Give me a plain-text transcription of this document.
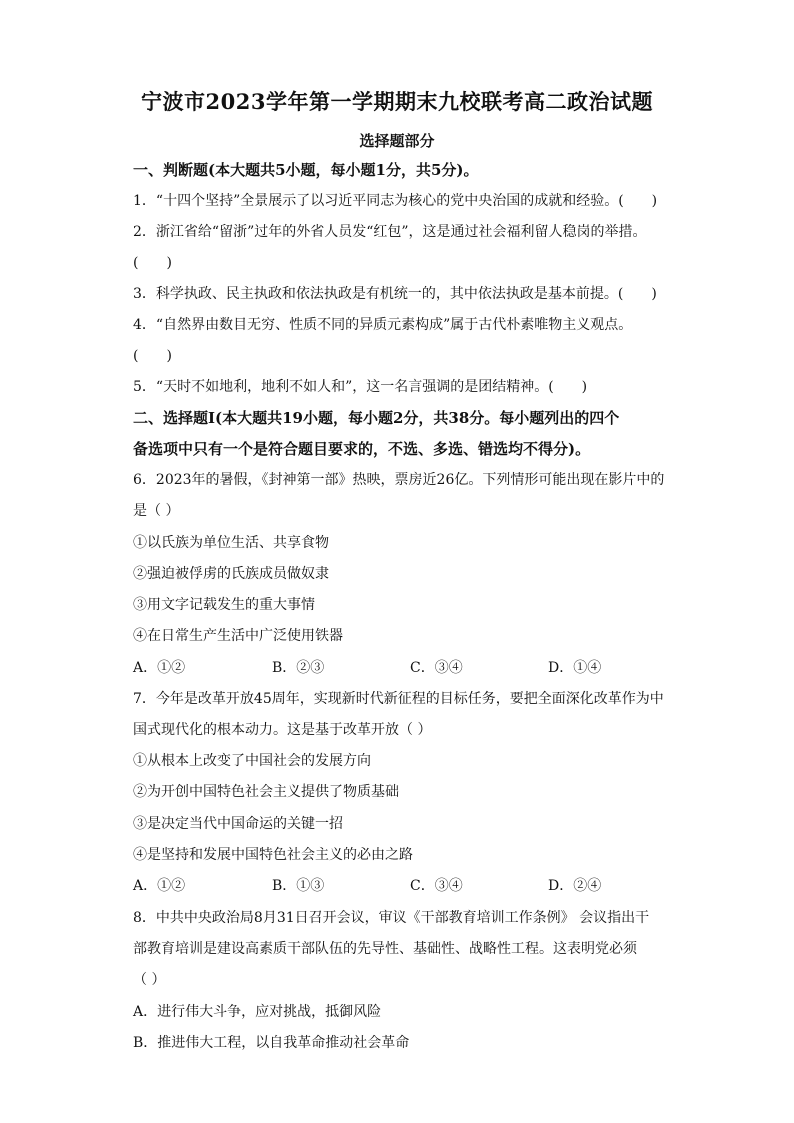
宁波市2023学年第一学期期末九校联考高二政治试题
选择题部分
一、判断题(本大题共5小题，每小题1分，共5分)。
1．“十四个坚持”全景展示了以习近平同志为核心的党中央治国的成就和经验。(　　)
2．浙江省给“留浙”过年的外省人员发“红包”，这是通过社会福利留人稳岗的举措。
(　　)
3．科学执政、民主执政和依法执政是有机统一的，其中依法执政是基本前提。(　　)
4．“自然界由数目无穷、性质不同的异质元素构成”属于古代朴素唯物主义观点。
(　　)
5．“天时不如地利，地利不如人和”，这一名言强调的是团结精神。(　　)
二、选择题Ⅰ(本大题共19小题，每小题2分，共38分。每小题列出的四个
备选项中只有一个是符合题目要求的，不选、多选、错选均不得分)。
6．2023年的暑假，《封神第一部》热映，票房近26亿。下列情形可能出现在影片中的
是（ ）
①以氏族为单位生活、共享食物
②强迫被俘虏的氏族成员做奴隶
③用文字记载发生的重大事情
④在日常生产生活中广泛使用铁器
A．①②	B．②③	C．③④	D．①④
7．今年是改革开放45周年，实现新时代新征程的目标任务，要把全面深化改革作为中
国式现代化的根本动力。这是基于改革开放（ ）
①从根本上改变了中国社会的发展方向
②为开创中国特色社会主义提供了物质基础
③是决定当代中国命运的关键一招
④是坚持和发展中国特色社会主义的必由之路
A．①②	B．①③	C．③④	D．②④
8．中共中央政治局8月31日召开会议，审议《干部教育培训工作条例》 会议指出干
部教育培训是建设高素质干部队伍的先导性、基础性、战略性工程。这表明党必须
（ ）
A．进行伟大斗争，应对挑战，抵御风险
B．推进伟大工程，以自我革命推动社会革命
